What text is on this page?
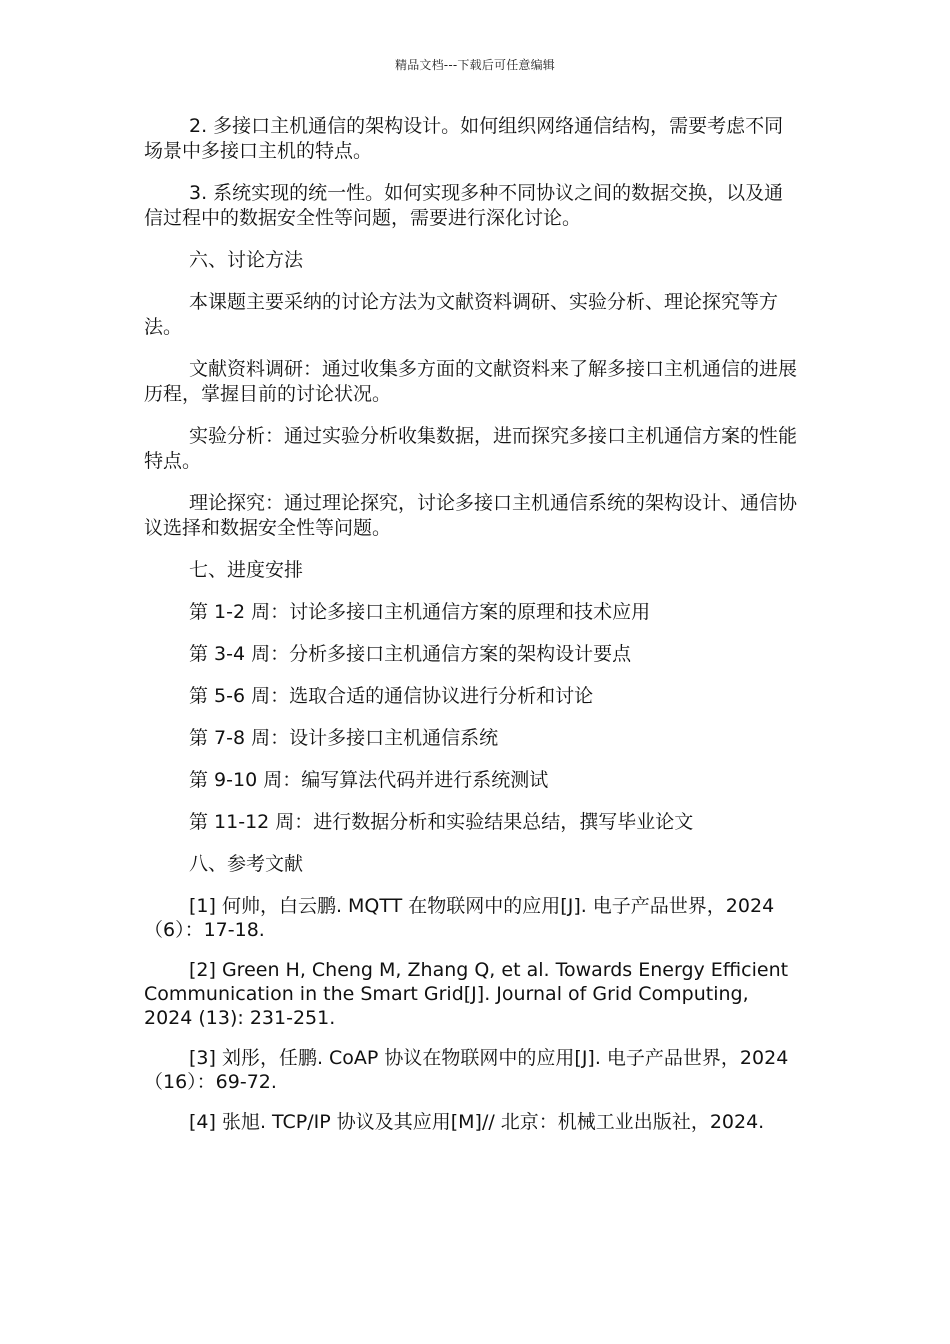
精品文档---下载后可任意编辑

2. 多接口主机通信的架构设计。如何组织网络通信结构，需要考虑不同场景中多接口主机的特点。

3. 系统实现的统一性。如何实现多种不同协议之间的数据交换，以及通信过程中的数据安全性等问题，需要进行深化讨论。

六、讨论方法

本课题主要采纳的讨论方法为文献资料调研、实验分析、理论探究等方法。

文献资料调研：通过收集多方面的文献资料来了解多接口主机通信的进展历程，掌握目前的讨论状况。

实验分析：通过实验分析收集数据，进而探究多接口主机通信方案的性能特点。

理论探究：通过理论探究，讨论多接口主机通信系统的架构设计、通信协议选择和数据安全性等问题。

七、进度安排

第 1-2 周：讨论多接口主机通信方案的原理和技术应用

第 3-4 周：分析多接口主机通信方案的架构设计要点

第 5-6 周：选取合适的通信协议进行分析和讨论

第 7-8 周：设计多接口主机通信系统

第 9-10 周：编写算法代码并进行系统测试

第 11-12 周：进行数据分析和实验结果总结，撰写毕业论文

八、参考文献

[1] 何帅，白云鹏. MQTT 在物联网中的应用[J]. 电子产品世界，2024（6）：17-18.

[2] Green H, Cheng M, Zhang Q, et al. Towards Energy Efficient Communication in the Smart Grid[J]. Journal of Grid Computing, 2024 (13): 231-251.

[3] 刘彤，任鹏. CoAP 协议在物联网中的应用[J]. 电子产品世界，2024（16）：69-72.

[4] 张旭. TCP/IP 协议及其应用[M]// 北京：机械工业出版社，2024.
